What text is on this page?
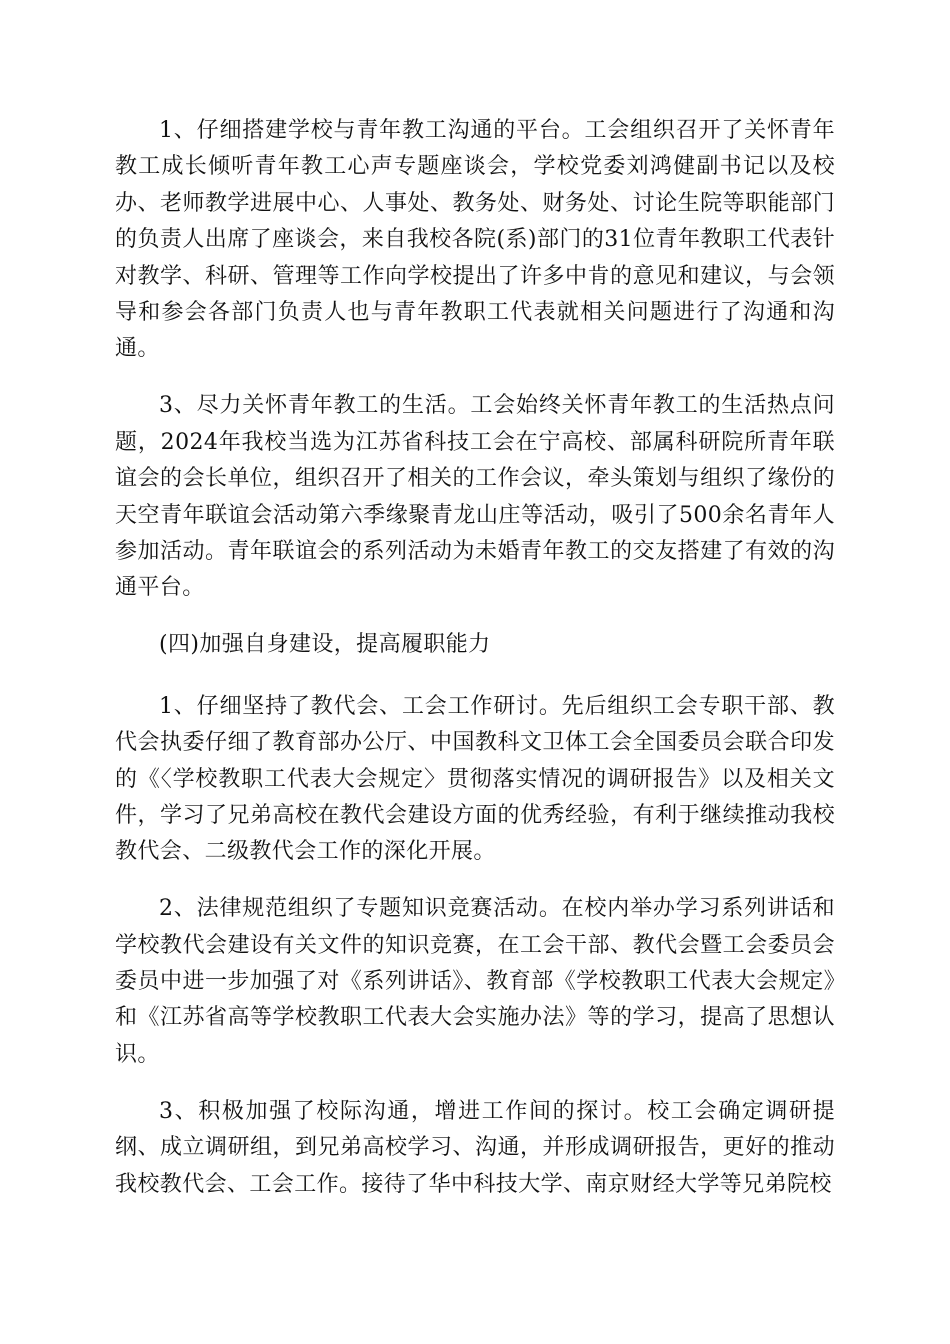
1、仔细搭建学校与青年教工沟通的平台。工会组织召开了关怀青年教工成长倾听青年教工心声专题座谈会，学校党委刘鸿健副书记以及校办、老师教学进展中心、人事处、教务处、财务处、讨论生院等职能部门的负责人出席了座谈会，来自我校各院(系)部门的31位青年教职工代表针对教学、科研、管理等工作向学校提出了许多中肯的意见和建议，与会领导和参会各部门负责人也与青年教职工代表就相关问题进行了沟通和沟通。

3、尽力关怀青年教工的生活。工会始终关怀青年教工的生活热点问题，2024年我校当选为江苏省科技工会在宁高校、部属科研院所青年联谊会的会长单位，组织召开了相关的工作会议，牵头策划与组织了缘份的天空青年联谊会活动第六季缘聚青龙山庄等活动，吸引了500余名青年人参加活动。青年联谊会的系列活动为未婚青年教工的交友搭建了有效的沟通平台。

(四)加强自身建设，提高履职能力

1、仔细坚持了教代会、工会工作研讨。先后组织工会专职干部、教代会执委仔细了教育部办公厅、中国教科文卫体工会全国委员会联合印发的《〈学校教职工代表大会规定〉贯彻落实情况的调研报告》以及相关文件，学习了兄弟高校在教代会建设方面的优秀经验，有利于继续推动我校教代会、二级教代会工作的深化开展。

2、法律规范组织了专题知识竞赛活动。在校内举办学习系列讲话和学校教代会建设有关文件的知识竞赛，在工会干部、教代会暨工会委员会委员中进一步加强了对《系列讲话》、教育部《学校教职工代表大会规定》和《江苏省高等学校教职工代表大会实施办法》等的学习，提高了思想认识。

3、积极加强了校际沟通，增进工作间的探讨。校工会确定调研提纲、成立调研组，到兄弟高校学习、沟通，并形成调研报告，更好的推动我校教代会、工会工作。接待了华中科技大学、南京财经大学等兄弟院校
